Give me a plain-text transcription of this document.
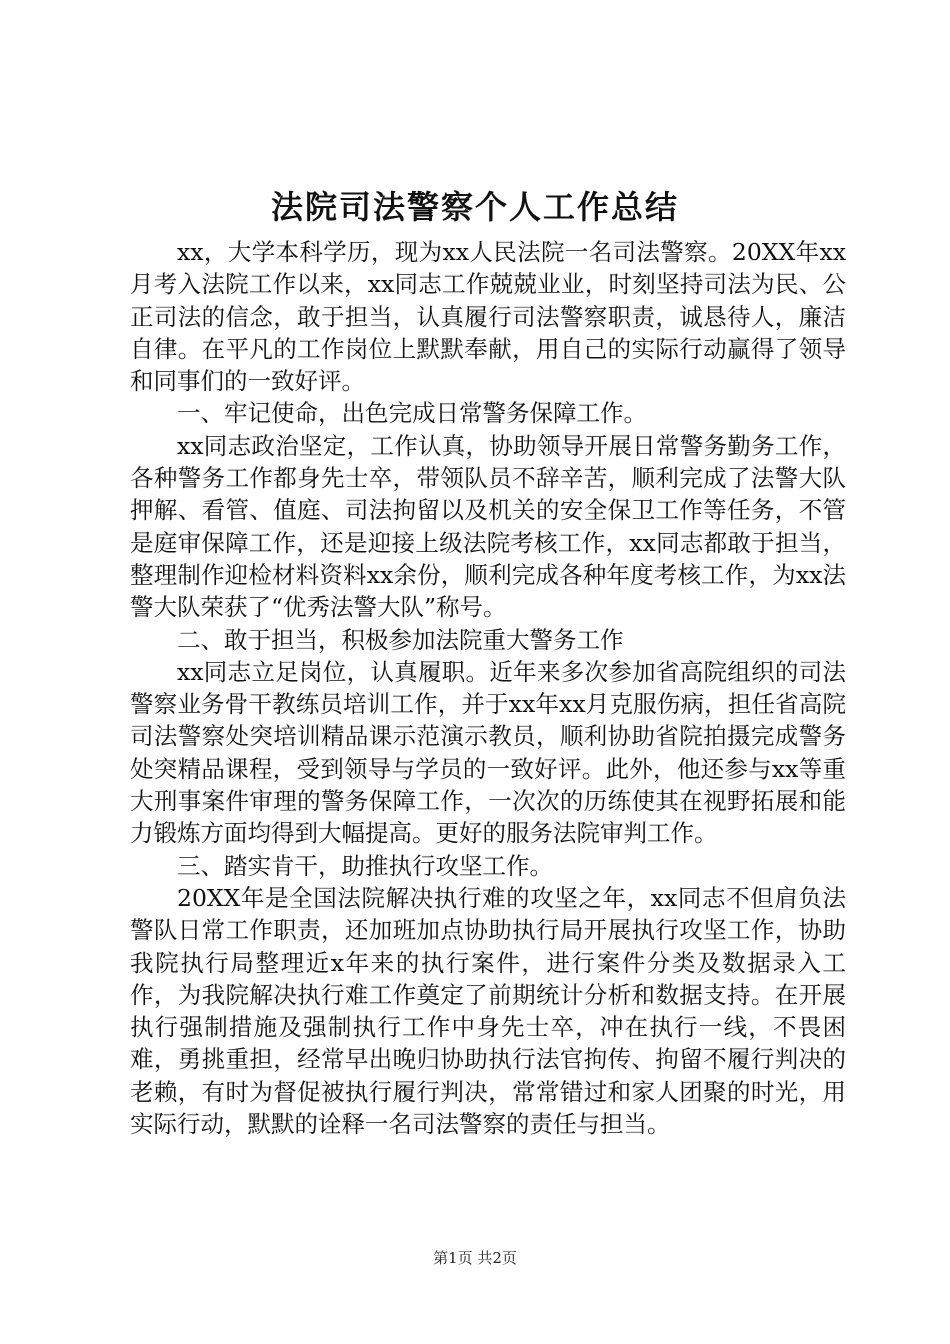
法院司法警察个人工作总结

xx，大学本科学历，现为xx人民法院一名司法警察。20XX年xx月考入法院工作以来，xx同志工作兢兢业业，时刻坚持司法为民、公正司法的信念，敢于担当，认真履行司法警察职责，诚恳待人，廉洁自律。在平凡的工作岗位上默默奉献，用自己的实际行动赢得了领导和同事们的一致好评。

一、牢记使命，出色完成日常警务保障工作。

xx同志政治坚定，工作认真，协助领导开展日常警务勤务工作，各种警务工作都身先士卒，带领队员不辞辛苦，顺利完成了法警大队押解、看管、值庭、司法拘留以及机关的安全保卫工作等任务，不管是庭审保障工作，还是迎接上级法院考核工作，xx同志都敢于担当，整理制作迎检材料资料xx余份，顺利完成各种年度考核工作，为xx法警大队荣获了“优秀法警大队”称号。

二、敢于担当，积极参加法院重大警务工作

xx同志立足岗位，认真履职。近年来多次参加省高院组织的司法警察业务骨干教练员培训工作，并于xx年xx月克服伤病，担任省高院司法警察处突培训精品课示范演示教员，顺利协助省院拍摄完成警务处突精品课程，受到领导与学员的一致好评。此外，他还参与xx等重大刑事案件审理的警务保障工作，一次次的历练使其在视野拓展和能力锻炼方面均得到大幅提高。更好的服务法院审判工作。

三、踏实肯干，助推执行攻坚工作。

20XX年是全国法院解决执行难的攻坚之年，xx同志不但肩负法警队日常工作职责，还加班加点协助执行局开展执行攻坚工作，协助我院执行局整理近x年来的执行案件，进行案件分类及数据录入工作，为我院解决执行难工作奠定了前期统计分析和数据支持。在开展执行强制措施及强制执行工作中身先士卒，冲在执行一线，不畏困难，勇挑重担，经常早出晚归协助执行法官拘传、拘留不履行判决的老赖，有时为督促被执行履行判决，常常错过和家人团聚的时光，用实际行动，默默的诠释一名司法警察的责任与担当。

第1页 共2页
